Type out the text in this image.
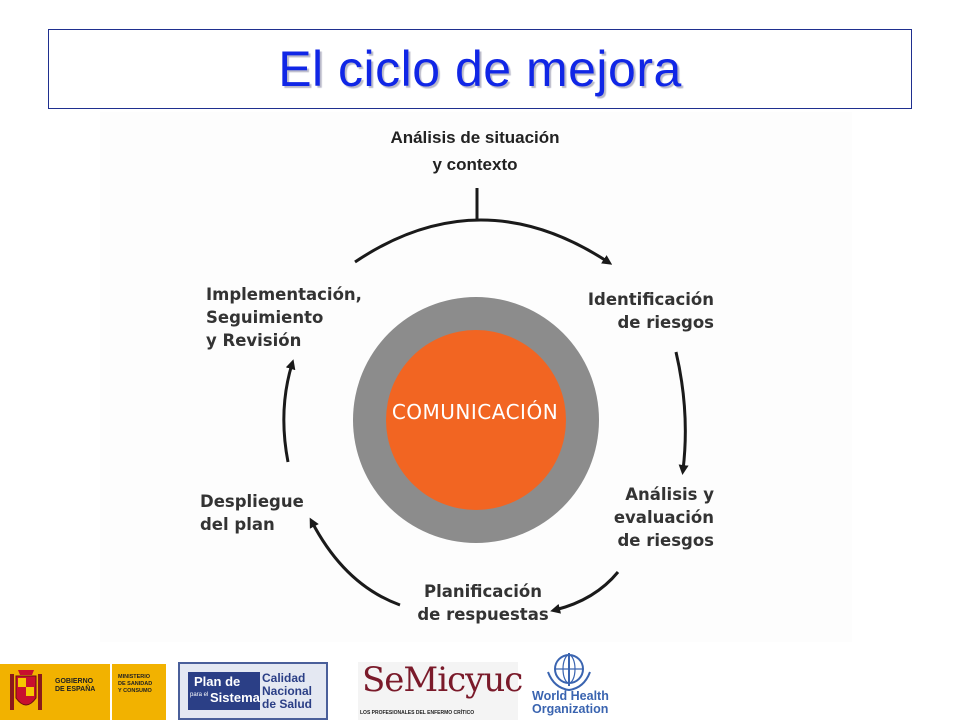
El ciclo de mejora
Análisis de situación
y contexto
COMUNICACIÓN
Identificación
de riesgos
Análisis y
evaluación
de riesgos
Planificación
de respuestas
Despliegue
del plan
Implementación,
Seguimiento
y Revisión
GOBIERNO
DE ESPAÑA
MINISTERIO
DE SANIDAD
Y CONSUMO
Plan de
para el Sistema
Calidad
Nacional
de Salud
SeMicyuc
LOS PROFESIONALES DEL ENFERMO CRÍTICO
World Health
Organization
